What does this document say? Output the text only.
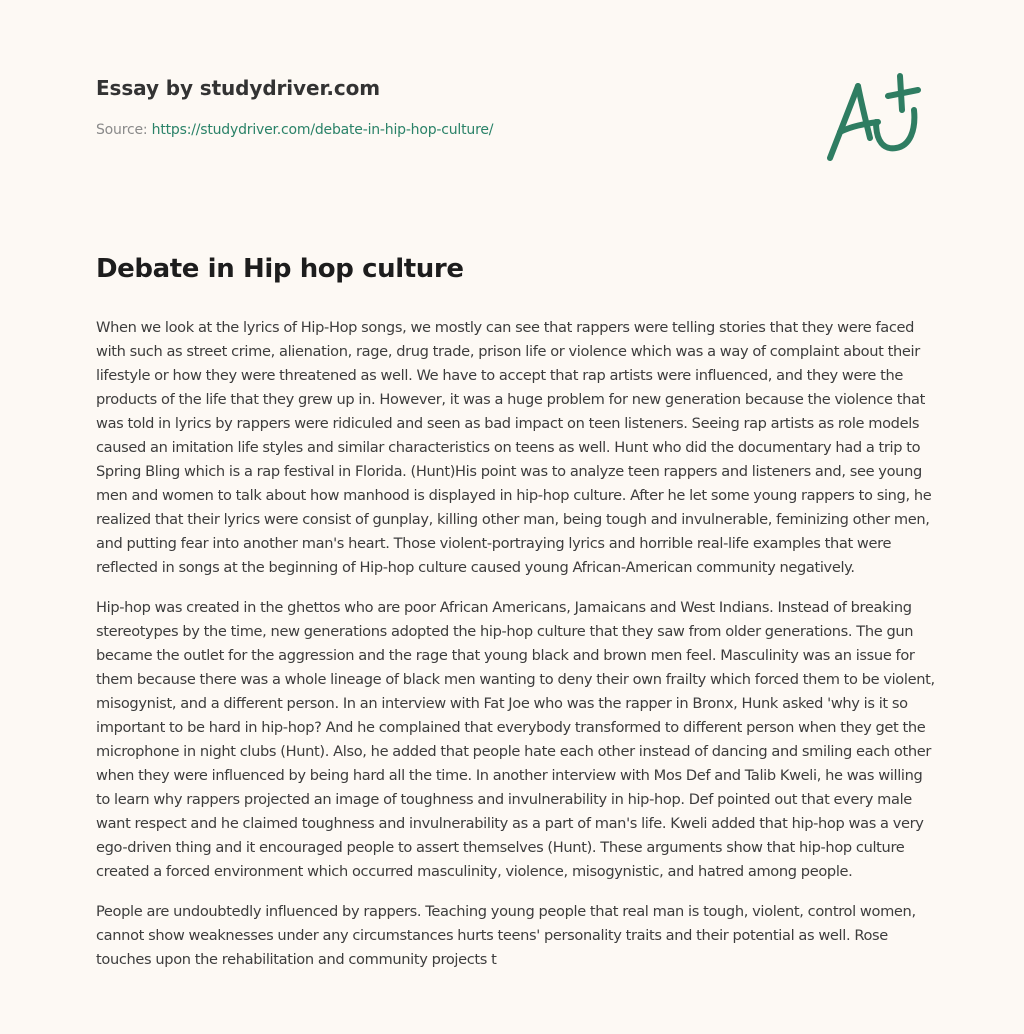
Essay by studydriver.com
Source: https://studydriver.com/debate-in-hip-hop-culture/
Debate in Hip hop culture

When we look at the lyrics of Hip-Hop songs, we mostly can see that rappers were telling stories that they were faced with such as street crime, alienation, rage, drug trade, prison life or violence which was a way of complaint about their lifestyle or how they were threatened as well. We have to accept that rap artists were influenced, and they were the products of the life that they grew up in. However, it was a huge problem for new generation because the violence that was told in lyrics by rappers were ridiculed and seen as bad impact on teen listeners. Seeing rap artists as role models caused an imitation life styles and similar characteristics on teens as well. Hunt who did the documentary had a trip to Spring Bling which is a rap festival in Florida. (Hunt)His point was to analyze teen rappers and listeners and, see young men and women to talk about how manhood is displayed in hip-hop culture. After he let some young rappers to sing, he realized that their lyrics were consist of gunplay, killing other man, being tough and invulnerable, feminizing other men, and putting fear into another man's heart. Those violent-portraying lyrics and horrible real-life examples that were reflected in songs at the beginning of Hip-hop culture caused young African-American community negatively.

Hip-hop was created in the ghettos who are poor African Americans, Jamaicans and West Indians. Instead of breaking stereotypes by the time, new generations adopted the hip-hop culture that they saw from older generations. The gun became the outlet for the aggression and the rage that young black and brown men feel. Masculinity was an issue for them because there was a whole lineage of black men wanting to deny their own frailty which forced them to be violent, misogynist, and a different person. In an interview with Fat Joe who was the rapper in Bronx, Hunk asked 'why is it so important to be hard in hip-hop? And he complained that everybody transformed to different person when they get the microphone in night clubs (Hunt). Also, he added that people hate each other instead of dancing and smiling each other when they were influenced by being hard all the time. In another interview with Mos Def and Talib Kweli, he was willing to learn why rappers projected an image of toughness and invulnerability in hip-hop. Def pointed out that every male want respect and he claimed toughness and invulnerability as a part of man's life. Kweli added that hip-hop was a very ego-driven thing and it encouraged people to assert themselves (Hunt). These arguments show that hip-hop culture created a forced environment which occurred masculinity, violence, misogynistic, and hatred among people.

People are undoubtedly influenced by rappers. Teaching young people that real man is tough, violent, control women, cannot show weaknesses under any circumstances hurts teens' personality traits and their potential as well. Rose touches upon the rehabilitation and community projects t
